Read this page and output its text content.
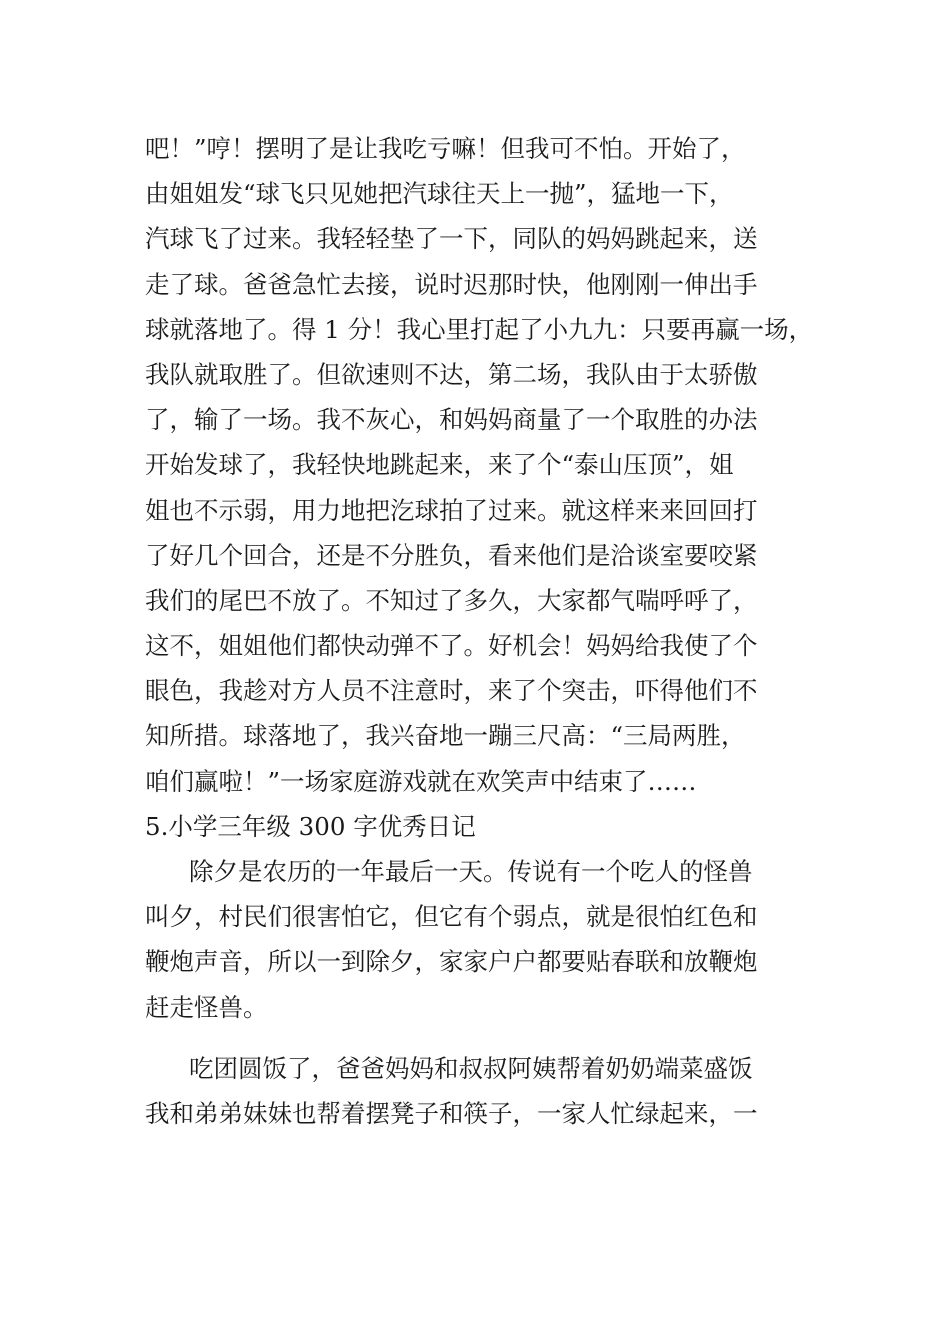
吧！”哼！摆明了是让我吃亏嘛！但我可不怕。开始了，
由姐姐发“球飞只见她把汽球往天上一抛”，猛地一下，
汽球飞了过来。我轻轻垫了一下，同队的妈妈跳起来，送
走了球。爸爸急忙去接，说时迟那时快，他刚刚一伸出手
球就落地了。得 1 分！我心里打起了小九九：只要再赢一场，
我队就取胜了。但欲速则不达，第二场，我队由于太骄傲
了，输了一场。我不灰心，和妈妈商量了一个取胜的办法
开始发球了，我轻快地跳起来，来了个“泰山压顶”，姐
姐也不示弱，用力地把汔球拍了过来。就这样来来回回打
了好几个回合，还是不分胜负，看来他们是洽谈室要咬紧
我们的尾巴不放了。不知过了多久，大家都气喘呼呼了，
这不，姐姐他们都快动弹不了。好机会！妈妈给我使了个
眼色，我趁对方人员不注意时，来了个突击，吓得他们不
知所措。球落地了，我兴奋地一蹦三尺高：“三局两胜，
咱们赢啦！”一场家庭游戏就在欢笑声中结束了……
5.小学三年级 300 字优秀日记
除夕是农历的一年最后一天。传说有一个吃人的怪兽
叫夕，村民们很害怕它，但它有个弱点，就是很怕红色和
鞭炮声音，所以一到除夕，家家户户都要贴春联和放鞭炮
赶走怪兽。
吃团圆饭了，爸爸妈妈和叔叔阿姨帮着奶奶端菜盛饭
我和弟弟妹妹也帮着摆凳子和筷子，一家人忙绿起来，一
